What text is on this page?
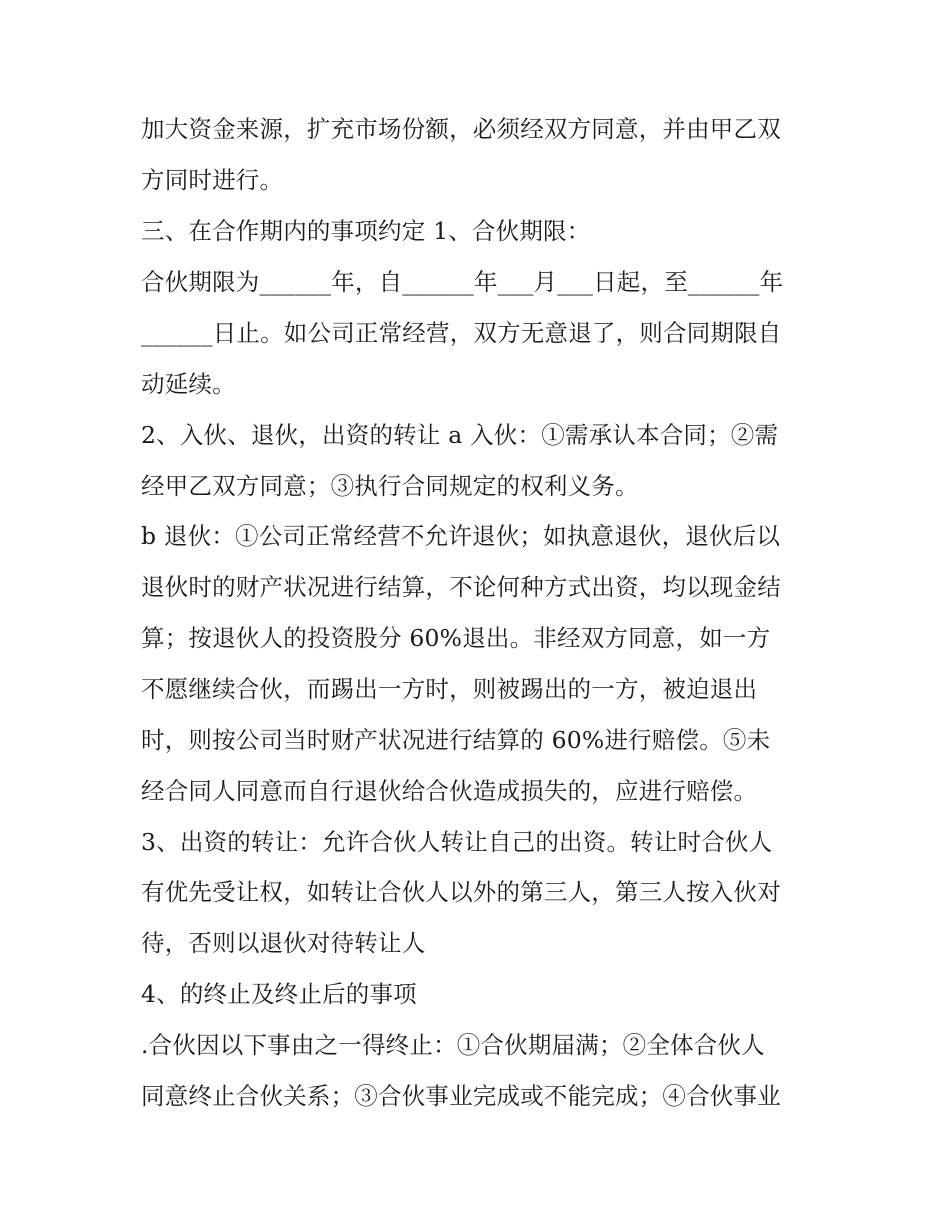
加大资金来源，扩充市场份额，必须经双方同意，并由甲乙双
方同时进行。
三、在合作期内的事项约定 1、合伙期限：
合伙期限为______年，自______年___月___日起，至______年
______日止。如公司正常经营，双方无意退了，则合同期限自
动延续。
2、入伙、退伙，出资的转让 a 入伙：①需承认本合同；②需
经甲乙双方同意；③执行合同规定的权利义务。
b 退伙：①公司正常经营不允许退伙；如执意退伙，退伙后以
退伙时的财产状况进行结算，不论何种方式出资，均以现金结
算；按退伙人的投资股分 60%退出。非经双方同意，如一方
不愿继续合伙，而踢出一方时，则被踢出的一方，被迫退出
时，则按公司当时财产状况进行结算的 60%进行赔偿。⑤未
经合同人同意而自行退伙给合伙造成损失的，应进行赔偿。
3、出资的转让：允许合伙人转让自己的出资。转让时合伙人
有优先受让权，如转让合伙人以外的第三人，第三人按入伙对
待，否则以退伙对待转让人
4、的终止及终止后的事项
.合伙因以下事由之一得终止：①合伙期届满；②全体合伙人
同意终止合伙关系；③合伙事业完成或不能完成；④合伙事业
